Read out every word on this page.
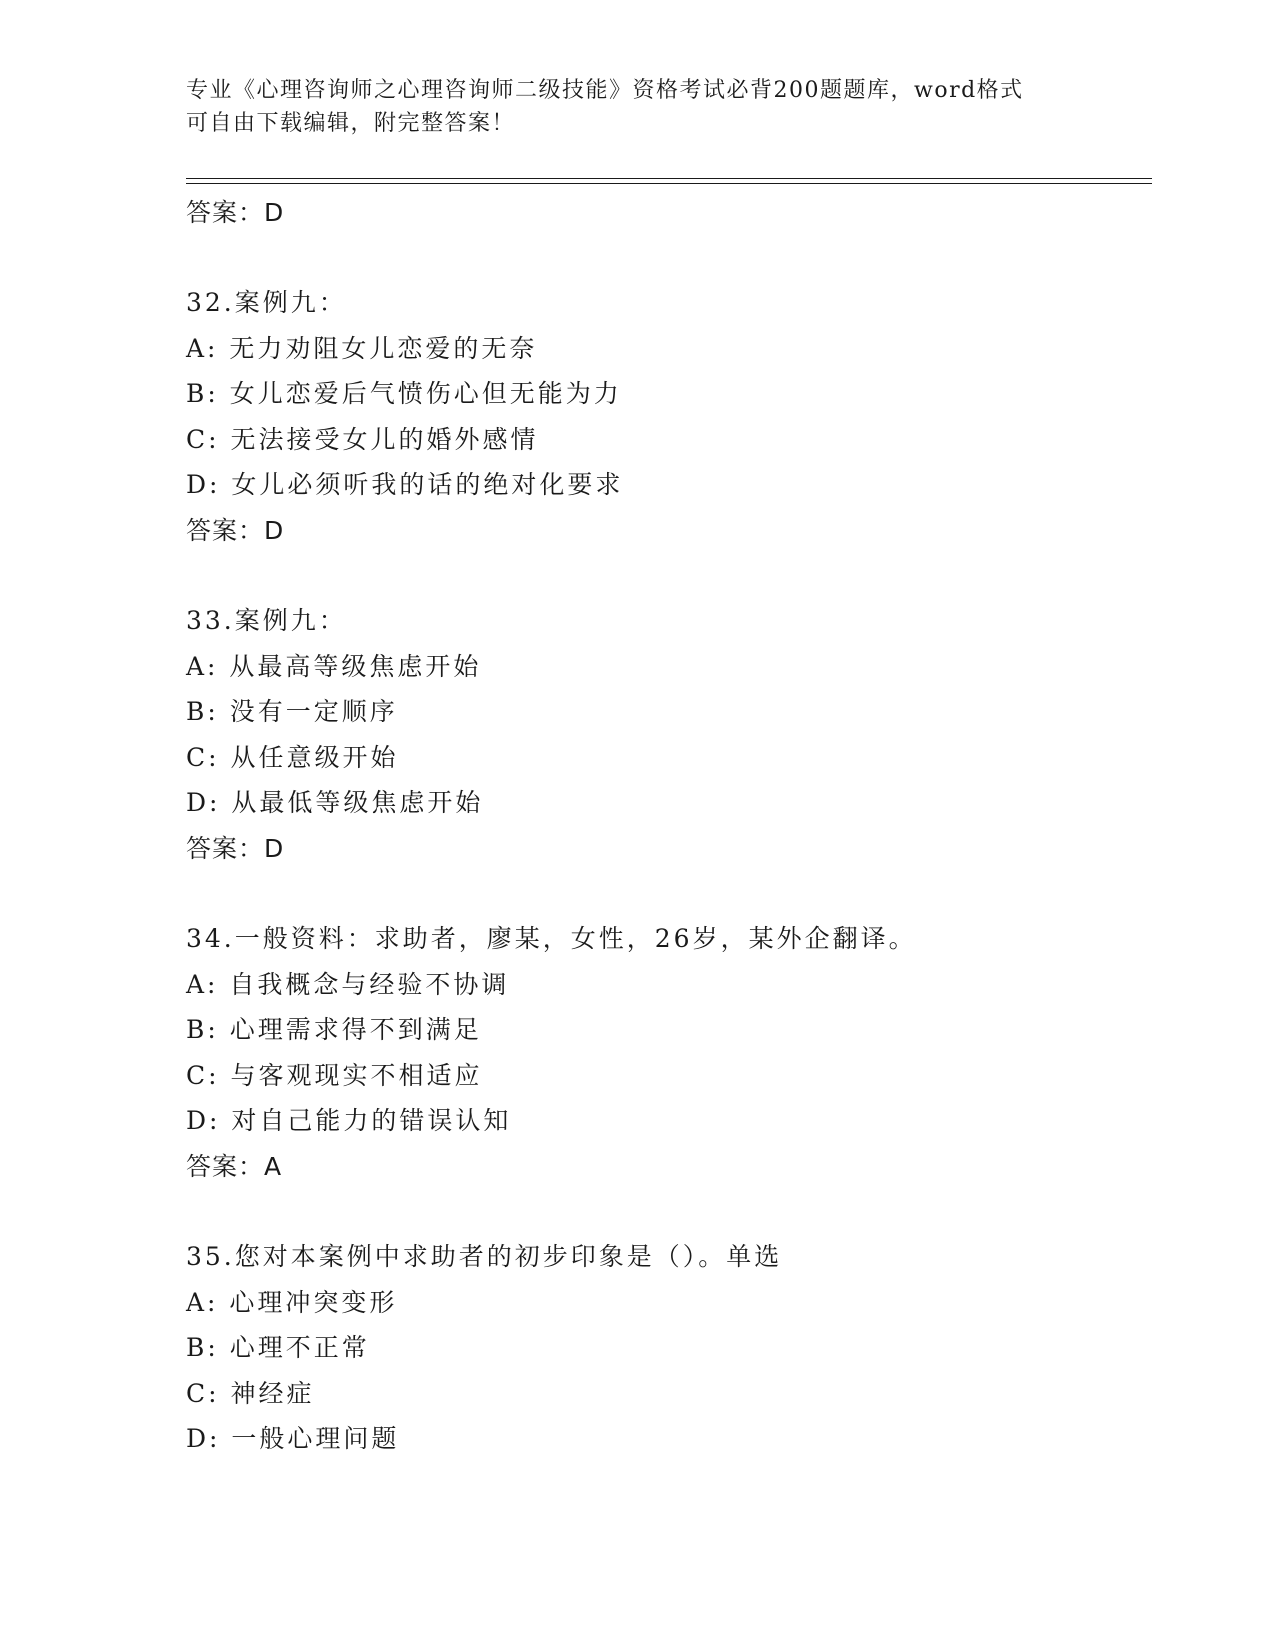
专业《心理咨询师之心理咨询师二级技能》资格考试必背200题题库，word格式
可自由下载编辑，附完整答案！
答案：D
32.案例九：
A: 无力劝阻女儿恋爱的无奈
B: 女儿恋爱后气愤伤心但无能为力
C: 无法接受女儿的婚外感情
D: 女儿必须听我的话的绝对化要求
答案：D
33.案例九：
A: 从最高等级焦虑开始
B: 没有一定顺序
C: 从任意级开始
D: 从最低等级焦虑开始
答案：D
34.一般资料：求助者，廖某，女性，26岁，某外企翻译。
A: 自我概念与经验不协调
B: 心理需求得不到满足
C: 与客观现实不相适应
D: 对自己能力的错误认知
答案：A
35.您对本案例中求助者的初步印象是（）。单选
A: 心理冲突变形
B: 心理不正常
C: 神经症
D: 一般心理问题
